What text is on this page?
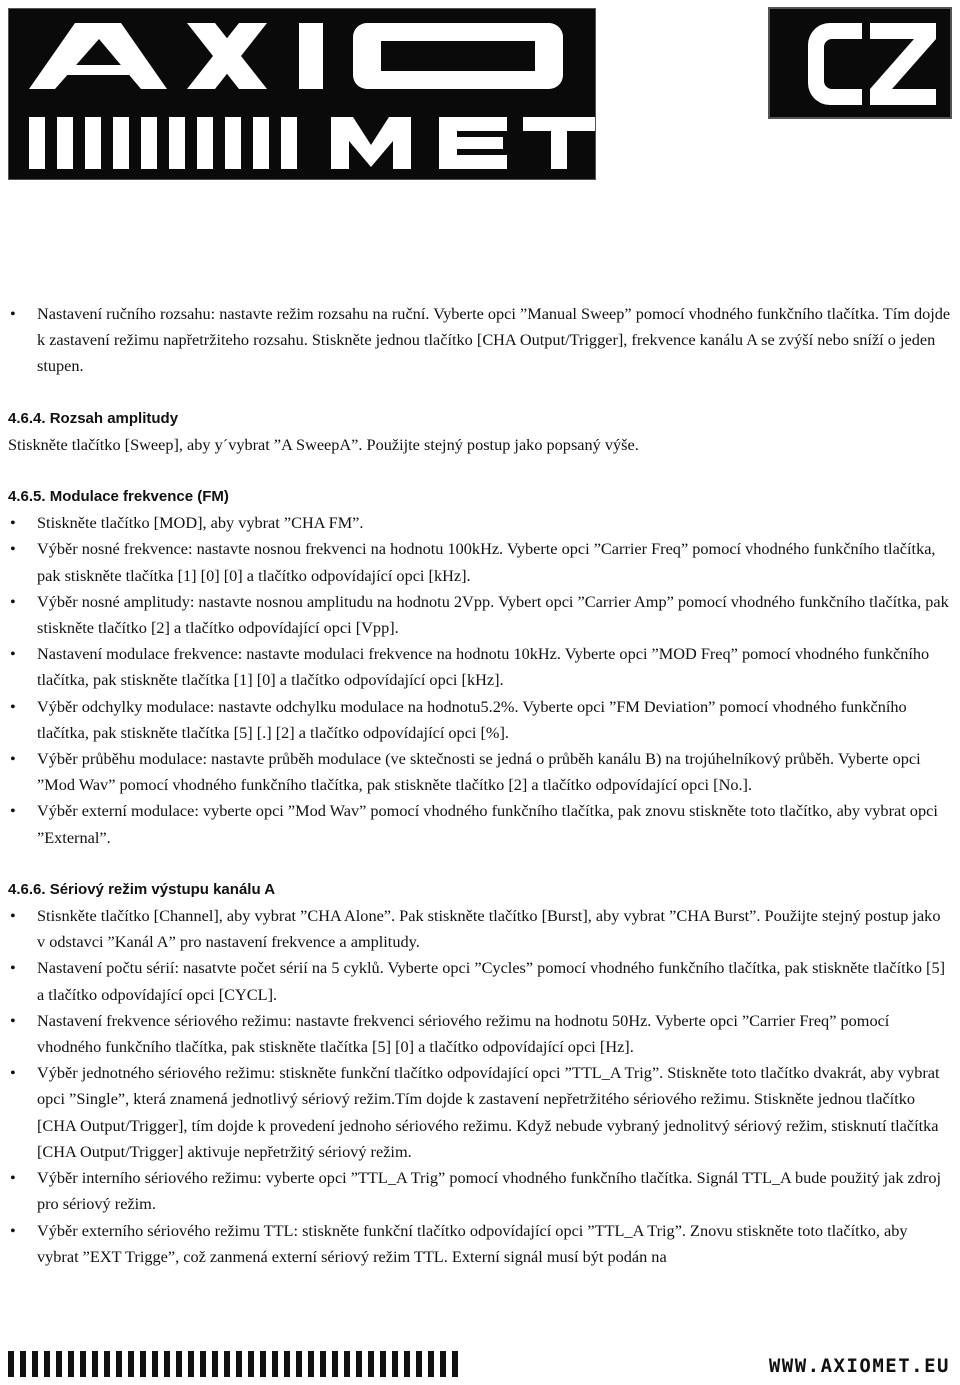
• Nastavení ručního rozsahu: nastavte režim rozsahu na ruční. Vyberte opci ”Manual Sweep” pomocí vhodného funkčního tlačítka. Tím dojde k zastavení režimu napřetržiteho rozsahu. Stiskněte jednou tlačítko [CHA Output/Trigger], frekvence kanálu A se zvýší nebo sníží o jeden stupen.
4.6.4. Rozsah amplitudy
Stiskněte tlačítko [Sweep], aby y´vybrat ”A SweepA”. Použijte stejný postup jako popsaný výše.
4.6.5. Modulace frekvence (FM)
• Stiskněte tlačítko [MOD], aby vybrat ”CHA FM”.
• Výběr nosné frekvence: nastavte nosnou frekvenci na hodnotu 100kHz. Vyberte opci ”Carrier Freq” pomocí vhodného funkčního tlačítka, pak stiskněte tlačítka [1] [0] [0] a tlačítko odpovídající opci [kHz].
• Výběr nosné amplitudy: nastavte nosnou amplitudu na hodnotu 2Vpp. Vybert opci ”Carrier Amp” pomocí vhodného funkčního tlačítka, pak stiskněte tlačítko [2] a tlačítko odpovídající opci [Vpp].
• Nastavení modulace frekvence: nastavte modulaci frekvence na hodnotu 10kHz. Vyberte opci ”MOD Freq” pomocí vhodného funkčního tlačítka, pak stiskněte tlačítka [1] [0] a tlačítko odpovídající opci [kHz].
• Výběr odchylky modulace: nastavte odchylku modulace na hodnotu5.2%. Vyberte opci ”FM Deviation” pomocí vhodného funkčního tlačítka, pak stiskněte tlačítka [5] [.] [2] a tlačítko odpovídající opci [%].
• Výběr průběhu modulace: nastavte průběh modulace (ve sktečnosti se jedná o průběh kanálu B) na trojúhelníkový průběh. Vyberte opci ”Mod Wav” pomocí vhodného funkčního tlačítka, pak stiskněte tlačítko [2] a tlačítko odpovídající opci [No.].
• Výběr externí modulace: vyberte opci ”Mod Wav” pomocí vhodného funkčního tlačítka, pak znovu stiskněte toto tlačítko, aby vybrat opci ”External”.
4.6.6. Sériový režim výstupu kanálu A
• Stisnkěte tlačítko [Channel], aby vybrat ”CHA Alone”. Pak stiskněte tlačítko [Burst], aby vybrat ”CHA Burst”. Použijte stejný postup jako v odstavci ”Kanál A” pro nastavení frekvence a amplitudy.
• Nastavení počtu sérií: nasatvte počet sérií na 5 cyklů. Vyberte opci ”Cycles” pomocí vhodného funkčního tlačítka, pak stiskněte tlačítko [5] a tlačítko odpovídající opci [CYCL].
• Nastavení frekvence sériového režimu: nastavte frekvenci sériového režimu na hodnotu 50Hz. Vyberte opci ”Carrier Freq” pomocí vhodného funkčního tlačítka, pak stiskněte tlačítka [5] [0] a tlačítko odpovídající opci [Hz].
• Výběr jednotného sériového režimu: stiskněte funkční tlačítko odpovídající opci ”TTL_A Trig”. Stiskněte toto tlačítko dvakrát, aby vybrat opci ”Single”, která znamená jednotlivý sériový režim.Tím dojde k zastavení nepřetržitého sériového režimu. Stiskněte jednou tlačítko [CHA Output/Trigger], tím dojde k provedení jednoho sériového režimu. Když nebude vybraný jednolitvý sériový režim, stisknutí tlačítka [CHA Output/Trigger] aktivuje nepřetržitý sériový režim.
• Výběr interního sériového režimu: vyberte opci ”TTL_A Trig” pomocí vhodného funkčního tlačítka. Signál TTL_A bude použitý jak zdroj pro sériový režim.
• Výběr externího sériového režimu TTL: stiskněte funkční tlačítko odpovídající opci ”TTL_A Trig”. Znovu stiskněte toto tlačítko, aby vybrat ”EXT Trigge”, což zanmená externí sériový režim TTL. Externí signál musí být podán na
WWW.AXIOMET.EU
